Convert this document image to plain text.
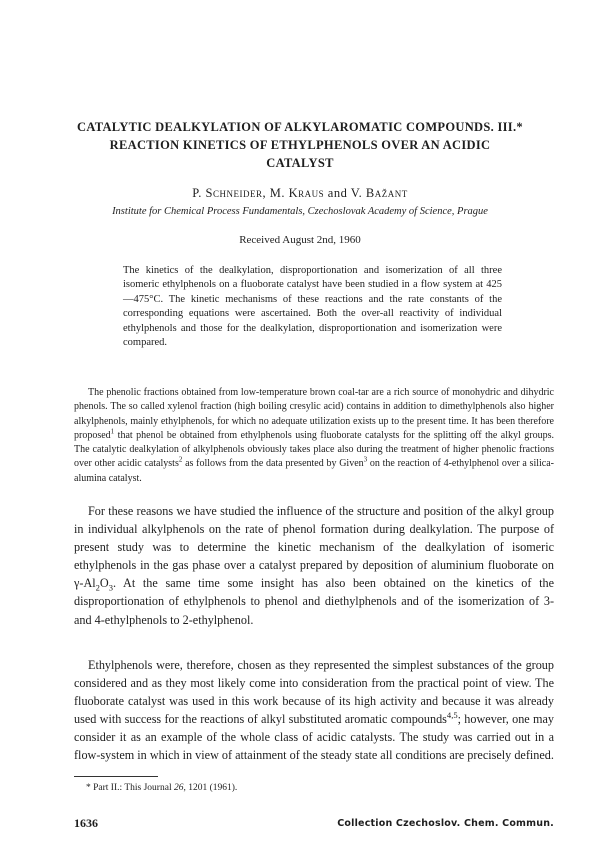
CATALYTIC DEALKYLATION OF ALKYLAROMATIC COMPOUNDS. III.*
REACTION KINETICS OF ETHYLPHENOLS OVER AN ACIDIC
CATALYST
P. Schneider, M. Kraus and V. Bažant
Institute for Chemical Process Fundamentals, Czechoslovak Academy of Science, Prague
Received August 2nd, 1960

The kinetics of the dealkylation, disproportionation and isomerization of all three isomeric ethylphenols on a fluoborate catalyst have been studied in a flow system at 425—475°C. The kinetic mechanisms of these reactions and the rate constants of the corresponding equations were ascertained. Both the over-all reactivity of individual ethylphenols and those for the dealkylation, disproportionation and isomerization were compared.

The phenolic fractions obtained from low-temperature brown coal-tar are a rich source of monohydric and dihydric phenols. The so called xylenol fraction (high boiling cresylic acid) contains in addition to dimethylphenols also higher alkylphenols, mainly ethylphenols, for which no adequate utilization exists up to the present time. It has been therefore proposed$^1$ that phenol be obtained from ethylphenols using fluoborate catalysts for the splitting off the alkyl groups. The catalytic dealkylation of alkylphenols obviously takes place also during the treatment of higher phenolic fractions over other acidic catalysts$^2$ as follows from the data presented by Given$^3$ on the reaction of 4-ethylphenol over a silica-alumina catalyst.

For these reasons we have studied the influence of the structure and position of the alkyl group in individual alkylphenols on the rate of phenol formation during dealkylation. The purpose of present study was to determine the kinetic mechanism of the dealkylation of isomeric ethylphenols in the gas phase over a catalyst prepared by deposition of aluminium fluoborate on $\gamma-Al_2O_3$. At the same time some insight has also been obtained on the kinetics of the disproportionation of ethylphenols to phenol and diethylphenols and of the isomerization of 3- and 4-ethylphenols to 2-ethylphenol.

Ethylphenols were, therefore, chosen as they represented the simplest substances of the group considered and as they most likely come into consideration from the practical point of view. The fluoborate catalyst was used in this work because of its high activity and because it was already used with success for the reactions of alkyl substituted aromatic compounds$^{4,5}$; however, one may consider it as an example of the whole class of acidic catalysts. The study was carried out in a flow-system in which in view of attainment of the steady state all conditions are precisely defined.

* Part II.: This Journal 26, 1201 (1961).
1636	Collection Czechoslov. Chem. Commun.
